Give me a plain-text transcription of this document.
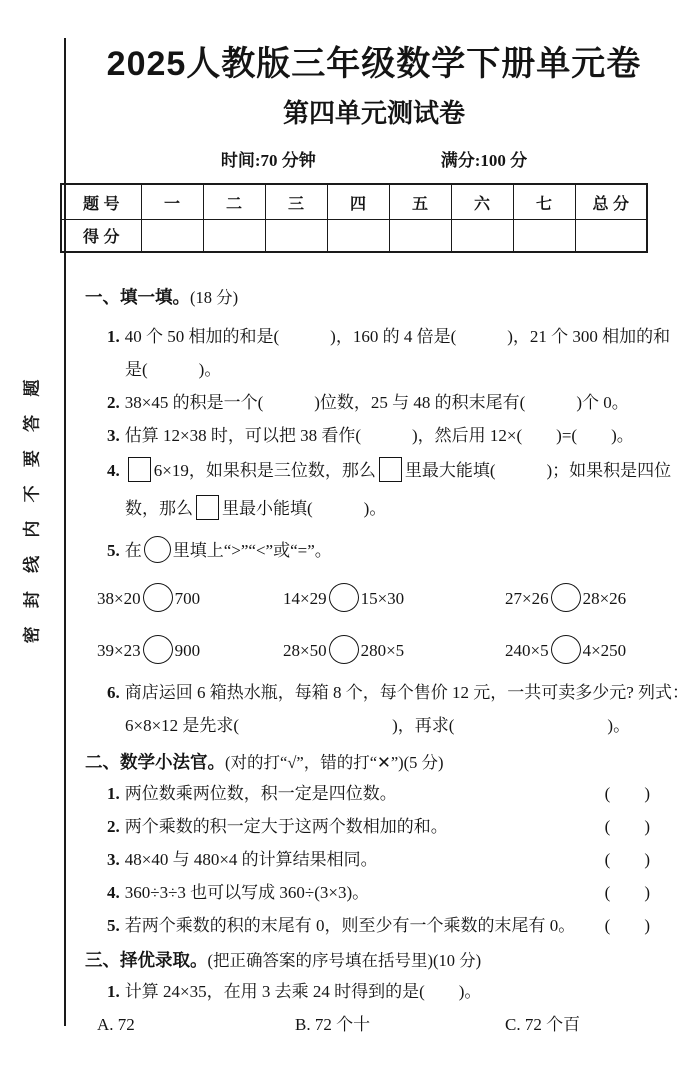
密 封 线 内 不 要 答 题
2025人教版三年级数学下册单元卷
第四单元测试卷
时间:70 分钟	满分:100 分
题 号	一	二	三	四	五	六	七	总 分
得 分								
一、填一填。(18 分)
1. 40 个 50 相加的和是(　　　)，160 的 4 倍是(　　　)，21 个 300 相加的和
是(　　　)。
2. 38×45 的积是一个(　　　)位数，25 与 48 的积末尾有(　　　)个 0。
3. 估算 12×38 时，可以把 38 看作(　　　)，然后用 12×(　　)=(　　)。
4. 6×19，如果积是三位数，那么 里最大能填(　　　)；如果积是四位
数，那么 里最小能填(　　　)。
5. 在 里填上“>”“<”或“=”。
38×20 700	14×29 15×30	27×26 28×26
39×23 900	28×50 280×5	240×5 4×250
6. 商店运回 6 箱热水瓶，每箱 8 个，每个售价 12 元，一共可卖多少元? 列式：
6×8×12 是先求(　　　　　　　　　)，再求(　　　　　　　　　)。
二、数学小法官。(对的打“√”，错的打“✕”)(5 分)
1. 两位数乘两位数，积一定是四位数。	(　　)
2. 两个乘数的积一定大于这两个数相加的和。	(　　)
3. 48×40 与 480×4 的计算结果相同。	(　　)
4. 360÷3÷3 也可以写成 360÷(3×3)。	(　　)
5. 若两个乘数的积的末尾有 0，则至少有一个乘数的末尾有 0。 (　　)
三、择优录取。(把正确答案的序号填在括号里)(10 分)
1. 计算 24×35，在用 3 去乘 24 时得到的是(　　)。
A. 72	B. 72 个十	C. 72 个百
